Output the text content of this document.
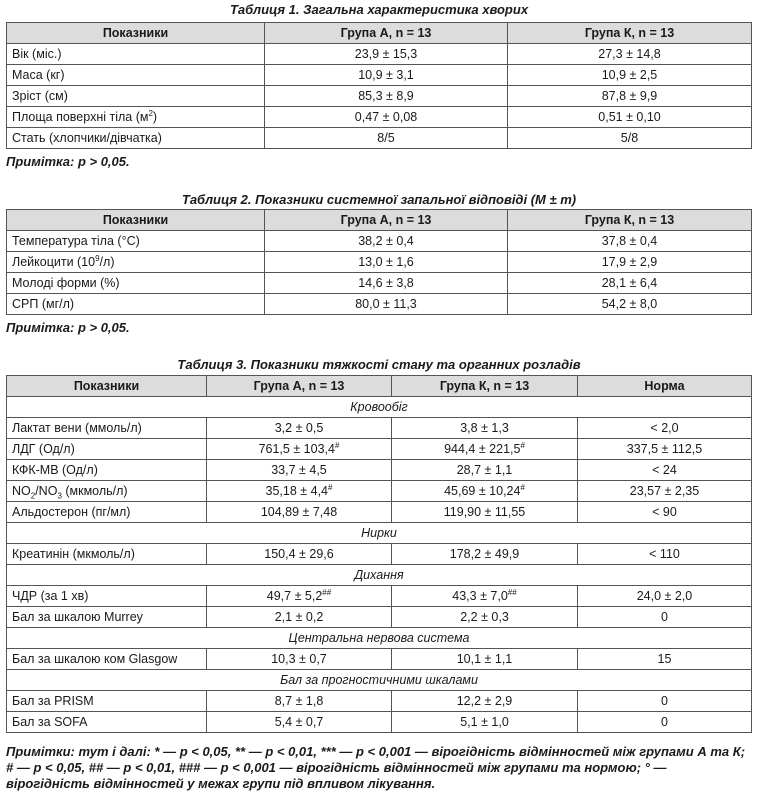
Таблиця 1. Загальна характеристика хворих
Показники	Група А, n = 13	Група К, n = 13
Вік (міс.)	23,9 ± 15,3	27,3 ± 14,8
Маса (кг)	10,9 ± 3,1	10,9 ± 2,5
Зріст (см)	85,3 ± 8,9	87,8 ± 9,9
Площа поверхні тіла $(м^2)$	0,47 ± 0,08	0,51 ± 0,10
Стать (хлопчики/дівчатка)	8/5	5/8
Примітка: p > 0,05.
Таблиця 2. Показники системної запальної відповіді (M ± m)
Показники	Група А, n = 13	Група К, n = 13
Температура тіла (°C)	38,2 ± 0,4	37,8 ± 0,4
Лейкоцити $(10^9/л)$	13,0 ± 1,6	17,9 ± 2,9
Молоді форми (%)	14,6 ± 3,8	28,1 ± 6,4
СРП (мг/л)	80,0 ± 11,3	54,2 ± 8,0
Примітка: p > 0,05.
Таблиця 3. Показники тяжкості стану та органних розладів
Показники	Група А, n = 13	Група К, n = 13	Норма
Кровообіг			
Лактат вени (ммоль/л)	3,2 ± 0,5	3,8 ± 1,3	< 2,0
ЛДГ (Од/л)	761,5 ± 103,4#	944,4 ± 221,5#	337,5 ± 112,5
КФК-МВ (Од/л)	33,7 ± 4,5	28,7 ± 1,1	< 24
$NO_2/NO_3$ (мкмоль/л)	35,18 ± 4,4#	45,69 ± 10,24#	23,57 ± 2,35
Альдостерон (пг/мл)	104,89 ± 7,48	119,90 ± 11,55	< 90
Нирки			
Креатинін (мкмоль/л)	150,4 ± 29,6	178,2 ± 49,9	< 110
Дихання			
ЧДР (за 1 хв)	49,7 ± 5,2##	43,3 ± 7,0##	24,0 ± 2,0
Бал за шкалою Murrey	2,1 ± 0,2	2,2 ± 0,3	0
Центральна нервова система			
Бал за шкалою ком Glasgow	10,3 ± 0,7	10,1 ± 1,1	15
Бал за прогностичними шкалами			
Бал за PRISM	8,7 ± 1,8	12,2 ± 2,9	0
Бал за SOFA	5,4 ± 0,7	5,1 ± 1,0	0
Примітки: тут і далі: * — p < 0,05, ** — p < 0,01, *** — p < 0,001 — вірогідність відмінностей між групами А та К; # — p < 0,05, ## — p < 0,01, ### — p < 0,001 — вірогідність відмінностей між групами та нормою; ° — вірогідність відмінностей у межах групи під впливом лікування.
